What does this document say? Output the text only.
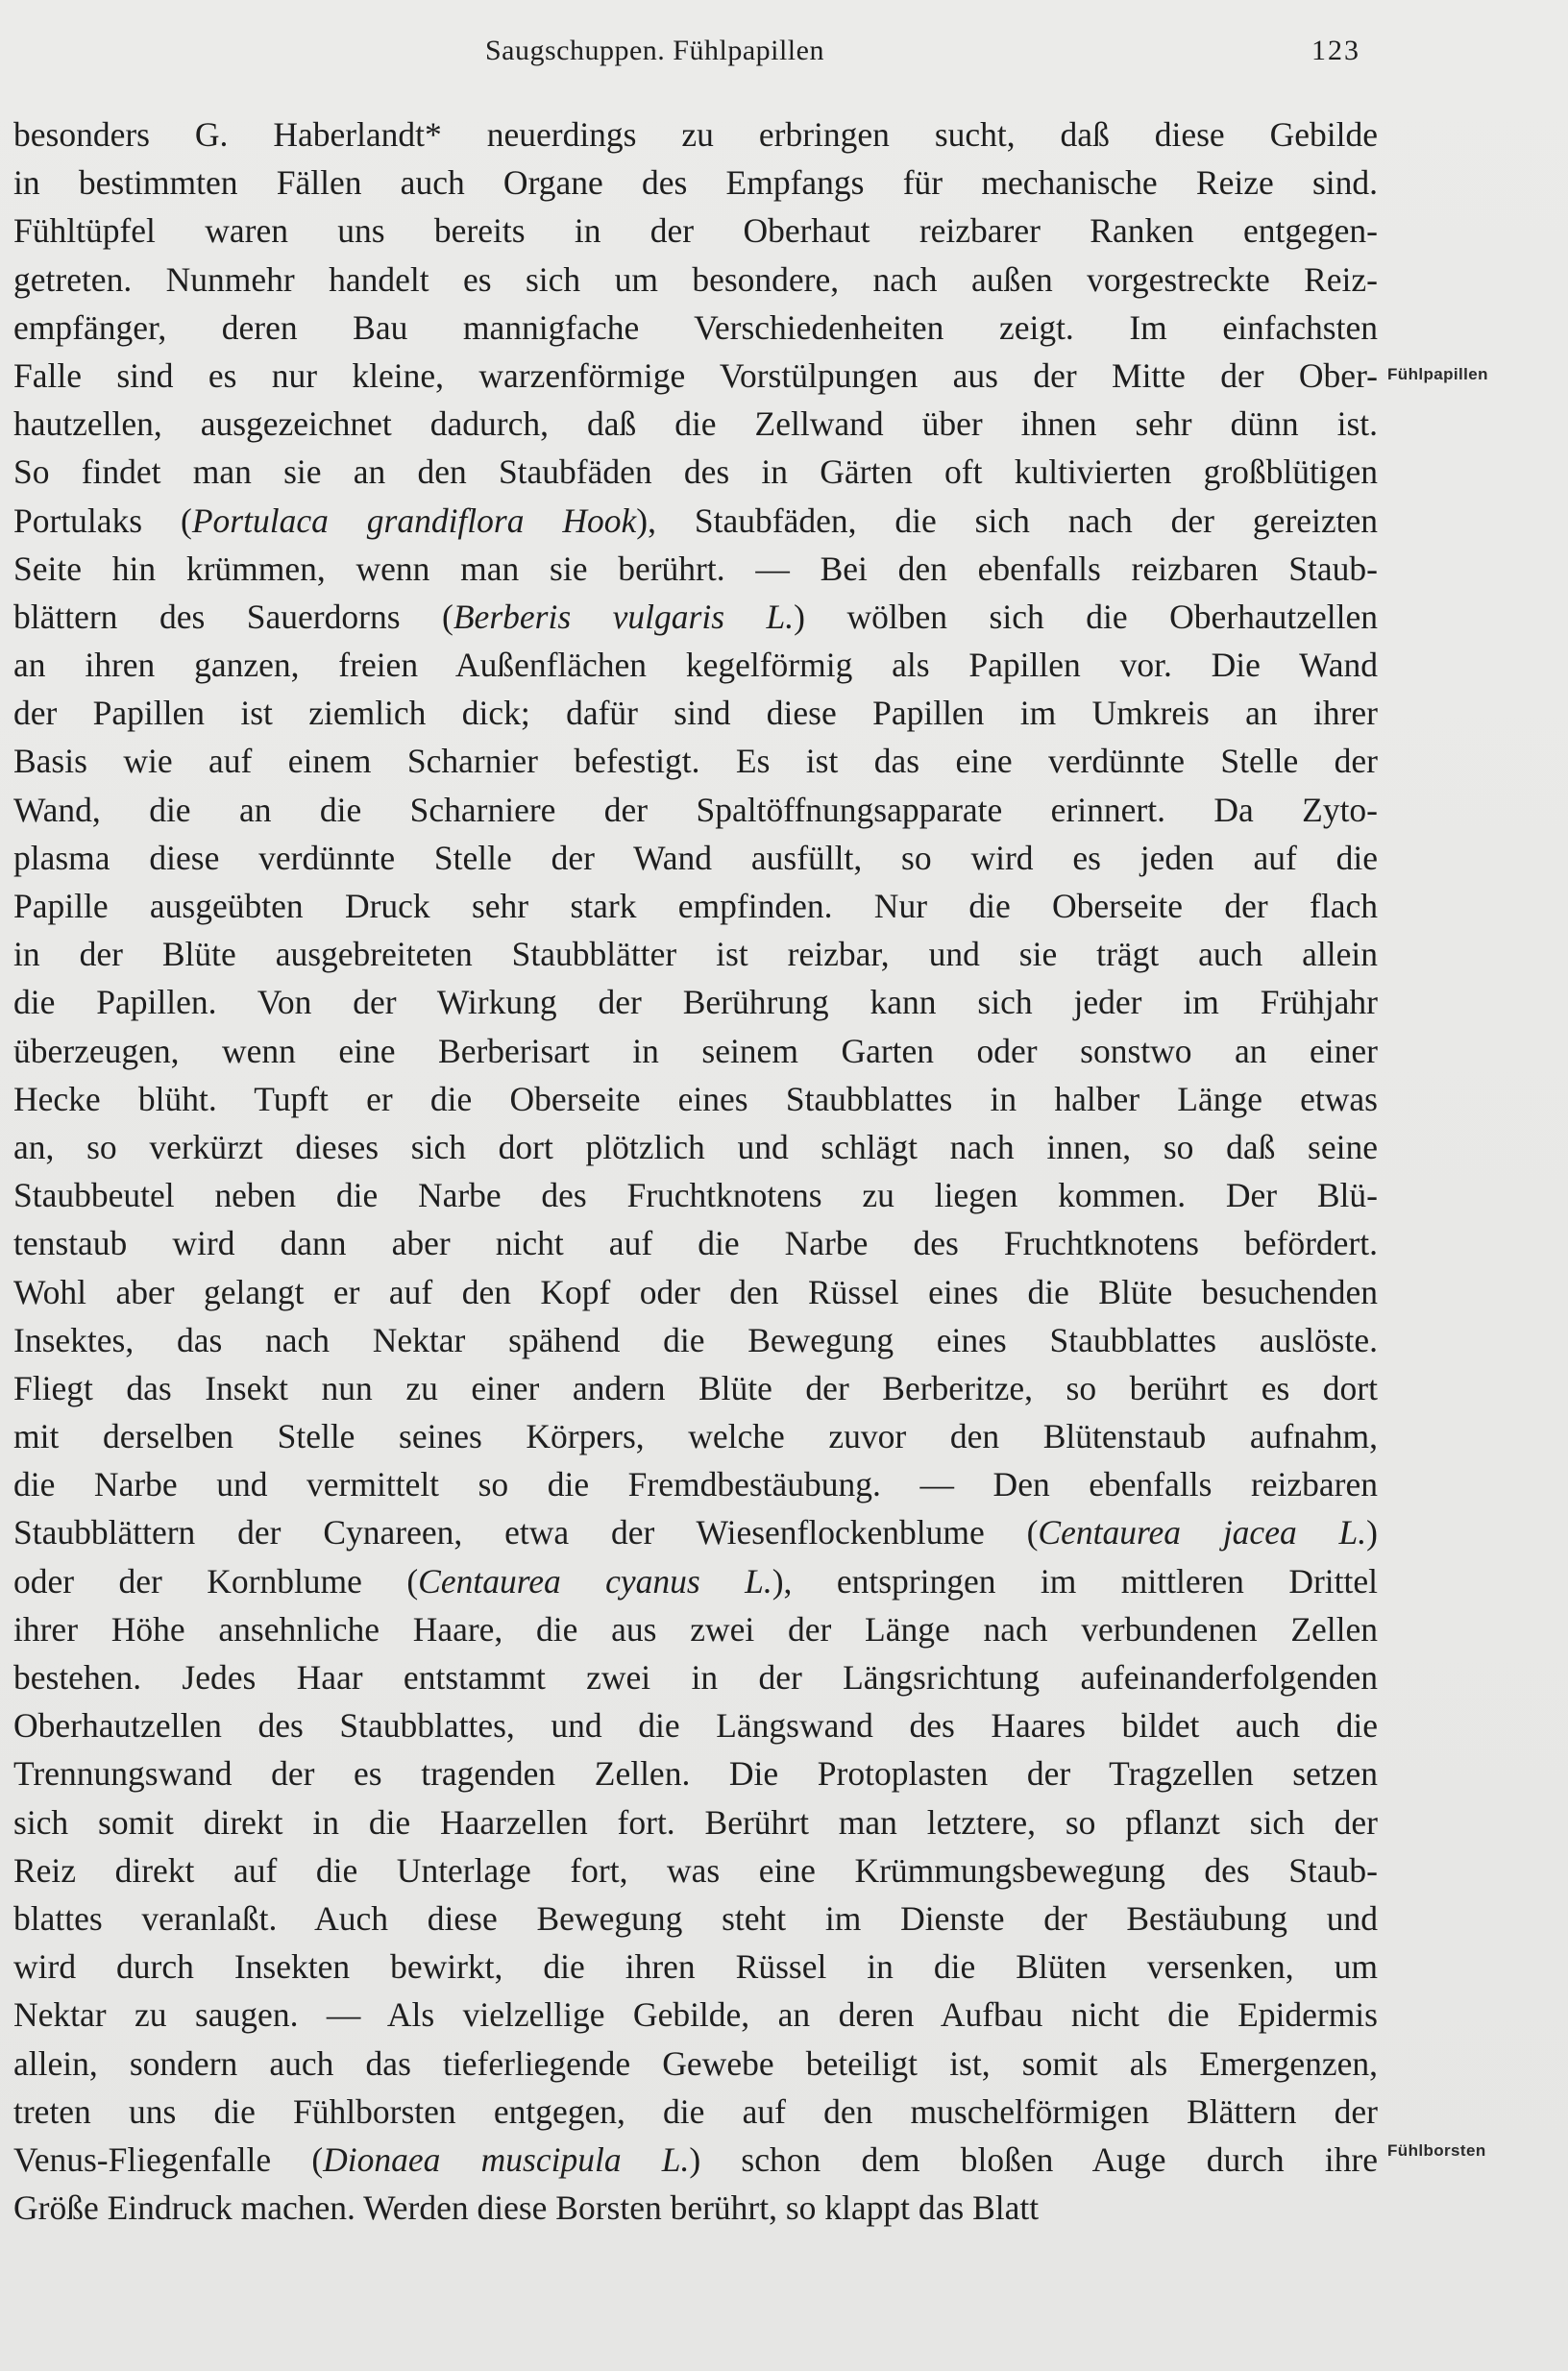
Saugschuppen. Fühlpapillen	123
besonders G. Haberlandt* neuerdings zu erbringen sucht, daß diese Gebilde
in bestimmten Fällen auch Organe des Empfangs für mechanische Reize sind.
Fühltüpfel waren uns bereits in der Oberhaut reizbarer Ranken entgegen-
getreten. Nunmehr handelt es sich um besondere, nach außen vorgestreckte Reiz-
empfänger, deren Bau mannigfache Verschiedenheiten zeigt. Im einfachsten
Falle sind es nur kleine, warzenförmige Vorstülpungen aus der Mitte der Ober-
hautzellen, ausgezeichnet dadurch, daß die Zellwand über ihnen sehr dünn ist.
So findet man sie an den Staubfäden des in Gärten oft kultivierten großblütigen
Portulaks (Portulaca grandiflora Hook), Staubfäden, die sich nach der gereizten
Seite hin krümmen, wenn man sie berührt. — Bei den ebenfalls reizbaren Staub-
blättern des Sauerdorns (Berberis vulgaris L.) wölben sich die Oberhautzellen
an ihren ganzen, freien Außenflächen kegelförmig als Papillen vor. Die Wand
der Papillen ist ziemlich dick; dafür sind diese Papillen im Umkreis an ihrer
Basis wie auf einem Scharnier befestigt. Es ist das eine verdünnte Stelle der
Wand, die an die Scharniere der Spaltöffnungsapparate erinnert. Da Zyto-
plasma diese verdünnte Stelle der Wand ausfüllt, so wird es jeden auf die
Papille ausgeübten Druck sehr stark empfinden. Nur die Oberseite der flach
in der Blüte ausgebreiteten Staubblätter ist reizbar, und sie trägt auch allein
die Papillen. Von der Wirkung der Berührung kann sich jeder im Frühjahr
überzeugen, wenn eine Berberisart in seinem Garten oder sonstwo an einer
Hecke blüht. Tupft er die Oberseite eines Staubblattes in halber Länge etwas
an, so verkürzt dieses sich dort plötzlich und schlägt nach innen, so daß seine
Staubbeutel neben die Narbe des Fruchtknotens zu liegen kommen. Der Blü-
tenstaub wird dann aber nicht auf die Narbe des Fruchtknotens befördert.
Wohl aber gelangt er auf den Kopf oder den Rüssel eines die Blüte besuchenden
Insektes, das nach Nektar spähend die Bewegung eines Staubblattes auslöste.
Fliegt das Insekt nun zu einer andern Blüte der Berberitze, so berührt es dort
mit derselben Stelle seines Körpers, welche zuvor den Blütenstaub aufnahm,
die Narbe und vermittelt so die Fremdbestäubung. — Den ebenfalls reizbaren
Staubblättern der Cynareen, etwa der Wiesenflockenblume (Centaurea jacea L.)
oder der Kornblume (Centaurea cyanus L.), entspringen im mittleren Drittel
ihrer Höhe ansehnliche Haare, die aus zwei der Länge nach verbundenen Zellen
bestehen. Jedes Haar entstammt zwei in der Längsrichtung aufeinanderfolgenden
Oberhautzellen des Staubblattes, und die Längswand des Haares bildet auch die
Trennungswand der es tragenden Zellen. Die Protoplasten der Tragzellen setzen
sich somit direkt in die Haarzellen fort. Berührt man letztere, so pflanzt sich der
Reiz direkt auf die Unterlage fort, was eine Krümmungsbewegung des Staub-
blattes veranlaßt. Auch diese Bewegung steht im Dienste der Bestäubung und
wird durch Insekten bewirkt, die ihren Rüssel in die Blüten versenken, um
Nektar zu saugen. — Als vielzellige Gebilde, an deren Aufbau nicht die Epidermis
allein, sondern auch das tieferliegende Gewebe beteiligt ist, somit als Emergenzen,
treten uns die Fühlborsten entgegen, die auf den muschelförmigen Blättern der
Venus-Fliegenfalle (Dionaea muscipula L.) schon dem bloßen Auge durch ihre
Größe Eindruck machen. Werden diese Borsten berührt, so klappt das Blatt
Fühlpapillen
Fühlborsten
